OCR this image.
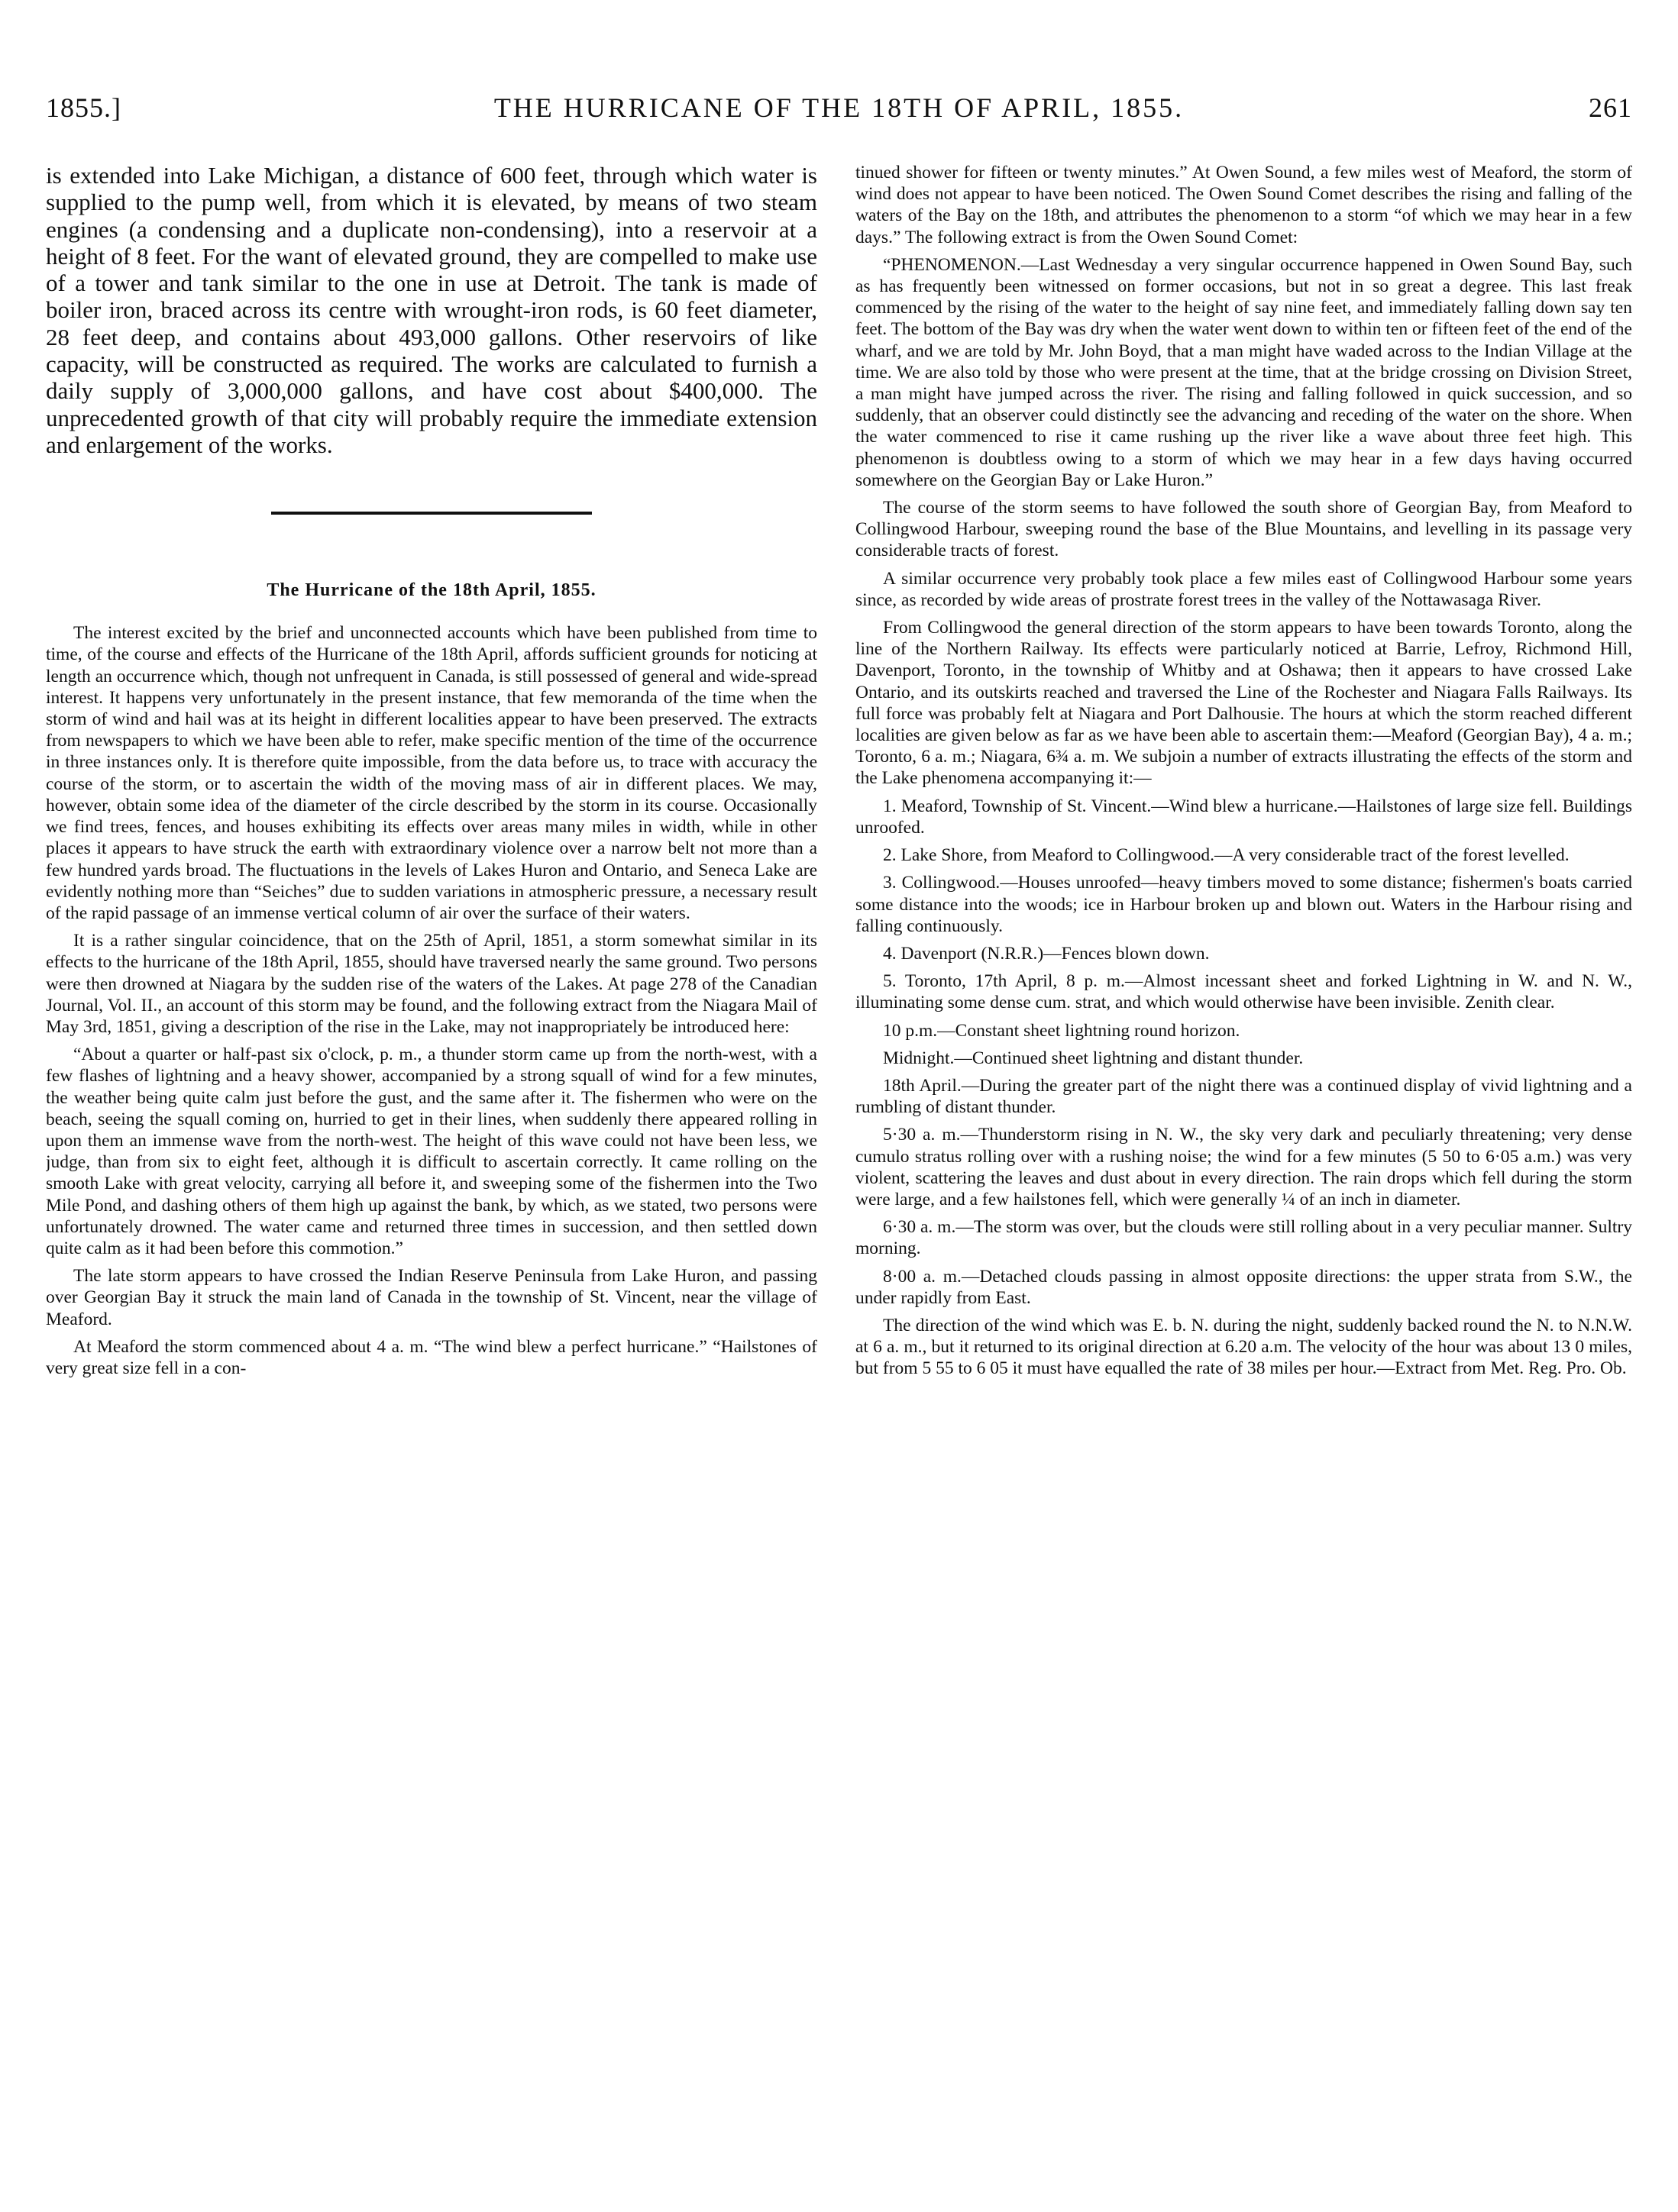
1855.]	THE HURRICANE OF THE 18TH OF APRIL, 1855.	261

is extended into Lake Michigan, a distance of 600 feet, through which water is supplied to the pump well, from which it is elevated, by means of two steam engines (a condensing and a duplicate non-condensing), into a reservoir at a height of 8 feet. For the want of elevated ground, they are compelled to make use of a tower and tank similar to the one in use at Detroit. The tank is made of boiler iron, braced across its centre with wrought-iron rods, is 60 feet diameter, 28 feet deep, and contains about 493,000 gallons. Other reservoirs of like capacity, will be constructed as required. The works are calculated to furnish a daily supply of 3,000,000 gallons, and have cost about $400,000. The unprecedented growth of that city will probably require the immediate extension and enlargement of the works.

The Hurricane of the 18th April, 1855.

The interest excited by the brief and unconnected accounts which have been published from time to time, of the course and effects of the Hurricane of the 18th April, affords sufficient grounds for noticing at length an occurrence which, though not unfrequent in Canada, is still possessed of general and wide-spread interest. It happens very unfortunately in the present instance, that few memoranda of the time when the storm of wind and hail was at its height in different localities appear to have been preserved. The extracts from newspapers to which we have been able to refer, make specific mention of the time of the occurrence in three instances only. It is therefore quite impossible, from the data before us, to trace with accuracy the course of the storm, or to ascertain the width of the moving mass of air in different places. We may, however, obtain some idea of the diameter of the circle described by the storm in its course. Occasionally we find trees, fences, and houses exhibiting its effects over areas many miles in width, while in other places it appears to have struck the earth with extraordinary violence over a narrow belt not more than a few hundred yards broad. The fluctuations in the levels of Lakes Huron and Ontario, and Seneca Lake are evidently nothing more than “Seiches” due to sudden variations in atmospheric pressure, a necessary result of the rapid passage of an immense vertical column of air over the surface of their waters.

It is a rather singular coincidence, that on the 25th of April, 1851, a storm somewhat similar in its effects to the hurricane of the 18th April, 1855, should have traversed nearly the same ground. Two persons were then drowned at Niagara by the sudden rise of the waters of the Lakes. At page 278 of the Canadian Journal, Vol. II., an account of this storm may be found, and the following extract from the Niagara Mail of May 3rd, 1851, giving a description of the rise in the Lake, may not inappropriately be introduced here:

“About a quarter or half-past six o'clock, p. m., a thunder storm came up from the north-west, with a few flashes of lightning and a heavy shower, accompanied by a strong squall of wind for a few minutes, the weather being quite calm just before the gust, and the same after it. The fishermen who were on the beach, seeing the squall coming on, hurried to get in their lines, when suddenly there appeared rolling in upon them an immense wave from the north-west. The height of this wave could not have been less, we judge, than from six to eight feet, although it is difficult to ascertain correctly. It came rolling on the smooth Lake with great velocity, carrying all before it, and sweeping some of the fishermen into the Two Mile Pond, and dashing others of them high up against the bank, by which, as we stated, two persons were unfortunately drowned. The water came and returned three times in succession, and then settled down quite calm as it had been before this commotion.”

The late storm appears to have crossed the Indian Reserve Peninsula from Lake Huron, and passing over Georgian Bay it struck the main land of Canada in the township of St. Vincent, near the village of Meaford.

At Meaford the storm commenced about 4 a. m. “The wind blew a perfect hurricane.” “Hailstones of very great size fell in a con-

tinued shower for fifteen or twenty minutes.” At Owen Sound, a few miles west of Meaford, the storm of wind does not appear to have been noticed. The Owen Sound Comet describes the rising and falling of the waters of the Bay on the 18th, and attributes the phenomenon to a storm “of which we may hear in a few days.” The following extract is from the Owen Sound Comet:

“PHENOMENON.—Last Wednesday a very singular occurrence happened in Owen Sound Bay, such as has frequently been witnessed on former occasions, but not in so great a degree. This last freak commenced by the rising of the water to the height of say nine feet, and immediately falling down say ten feet. The bottom of the Bay was dry when the water went down to within ten or fifteen feet of the end of the wharf, and we are told by Mr. John Boyd, that a man might have waded across to the Indian Village at the time. We are also told by those who were present at the time, that at the bridge crossing on Division Street, a man might have jumped across the river. The rising and falling followed in quick succession, and so suddenly, that an observer could distinctly see the advancing and receding of the water on the shore. When the water commenced to rise it came rushing up the river like a wave about three feet high. This phenomenon is doubtless owing to a storm of which we may hear in a few days having occurred somewhere on the Georgian Bay or Lake Huron.”

The course of the storm seems to have followed the south shore of Georgian Bay, from Meaford to Collingwood Harbour, sweeping round the base of the Blue Mountains, and levelling in its passage very considerable tracts of forest.

A similar occurrence very probably took place a few miles east of Collingwood Harbour some years since, as recorded by wide areas of prostrate forest trees in the valley of the Nottawasaga River.

From Collingwood the general direction of the storm appears to have been towards Toronto, along the line of the Northern Railway. Its effects were particularly noticed at Barrie, Lefroy, Richmond Hill, Davenport, Toronto, in the township of Whitby and at Oshawa; then it appears to have crossed Lake Ontario, and its outskirts reached and traversed the Line of the Rochester and Niagara Falls Railways. Its full force was probably felt at Niagara and Port Dalhousie. The hours at which the storm reached different localities are given below as far as we have been able to ascertain them:—Meaford (Georgian Bay), 4 a. m.; Toronto, 6 a. m.; Niagara, 6¾ a. m. We subjoin a number of extracts illustrating the effects of the storm and the Lake phenomena accompanying it:—

1. Meaford, Township of St. Vincent.—Wind blew a hurricane.—Hailstones of large size fell. Buildings unroofed.

2. Lake Shore, from Meaford to Collingwood.—A very considerable tract of the forest levelled.

3. Collingwood.—Houses unroofed—heavy timbers moved to some distance; fishermen's boats carried some distance into the woods; ice in Harbour broken up and blown out. Waters in the Harbour rising and falling continuously.

4. Davenport (N.R.R.)—Fences blown down.

5. Toronto, 17th April, 8 p. m.—Almost incessant sheet and forked Lightning in W. and N. W., illuminating some dense cum. strat, and which would otherwise have been invisible. Zenith clear.

10 p.m.—Constant sheet lightning round horizon.

Midnight.—Continued sheet lightning and distant thunder.

18th April.—During the greater part of the night there was a continued display of vivid lightning and a rumbling of distant thunder.

5·30 a. m.—Thunderstorm rising in N. W., the sky very dark and peculiarly threatening; very dense cumulo stratus rolling over with a rushing noise; the wind for a few minutes (5 50 to 6·05 a.m.) was very violent, scattering the leaves and dust about in every direction. The rain drops which fell during the storm were large, and a few hailstones fell, which were generally ¼ of an inch in diameter.

6·30 a. m.—The storm was over, but the clouds were still rolling about in a very peculiar manner. Sultry morning.

8·00 a. m.—Detached clouds passing in almost opposite directions: the upper strata from S.W., the under rapidly from East.

The direction of the wind which was E. b. N. during the night, suddenly backed round the N. to N.N.W. at 6 a. m., but it returned to its original direction at 6.20 a.m. The velocity of the hour was about 13 0 miles, but from 5 55 to 6 05 it must have equalled the rate of 38 miles per hour.—Extract from Met. Reg. Pro. Ob.
